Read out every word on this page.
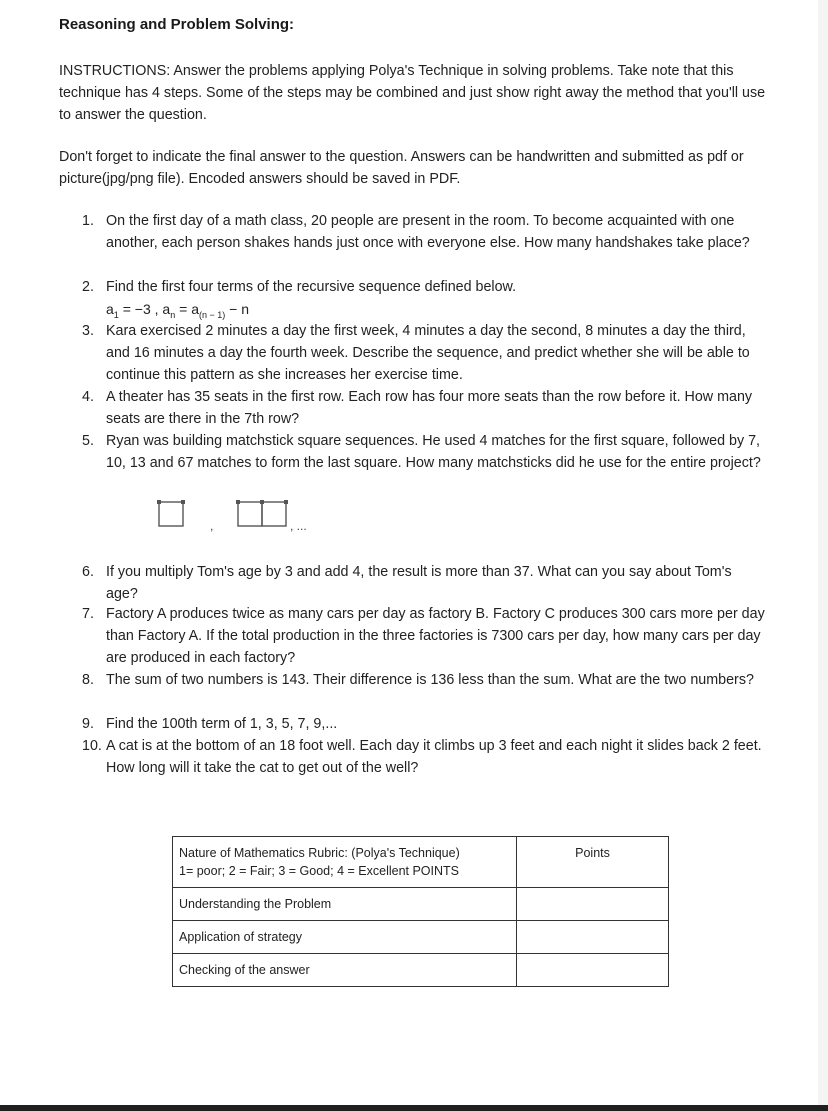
Reasoning and Problem Solving:
INSTRUCTIONS: Answer the problems applying Polya's Technique in solving problems. Take note that this technique has 4 steps. Some of the steps may be combined and just show right away the method that you'll use to answer the question.
Don't forget to indicate the final answer to the question. Answers can be handwritten and submitted as pdf or picture(jpg/png file). Encoded answers should be saved in PDF.
1. On the first day of a math class, 20 people are present in the room. To become acquainted with one another, each person shakes hands just once with everyone else. How many handshakes take place?
2. Find the first four terms of the recursive sequence defined below.
$a_1 = -3$ , $a_n = a_{(n - 1)} - n$
3. Kara exercised 2 minutes a day the first week, 4 minutes a day the second, 8 minutes a day the third, and 16 minutes a day the fourth week. Describe the sequence, and predict whether she will be able to continue this pattern as she increases her exercise time.
4. A theater has 35 seats in the first row. Each row has four more seats than the row before it. How many seats are there in the 7th row?
5. Ryan was building matchstick square sequences. He used 4 matches for the first square, followed by 7, 10, 13 and 67 matches to form the last square. How many matchsticks did he use for the entire project?
6. If you multiply Tom's age by 3 and add 4, the result is more than 37. What can you say about Tom's age?
7. Factory A produces twice as many cars per day as factory B. Factory C produces 300 cars more per day than Factory A. If the total production in the three factories is 7300 cars per day, how many cars per day are produced in each factory?
8. The sum of two numbers is 143. Their difference is 136 less than the sum. What are the two numbers?
9. Find the 100th term of 1, 3, 5, 7, 9,...
10. A cat is at the bottom of an 18 foot well. Each day it climbs up 3 feet and each night it slides back 2 feet. How long will it take the cat to get out of the well?
,	, ...
Nature of Mathematics Rubric: (Polya's Technique)
1= poor; 2 = Fair; 3 = Good; 4 = Excellent POINTS	Points
Understanding the Problem	
Application of strategy	
Checking of the answer	
